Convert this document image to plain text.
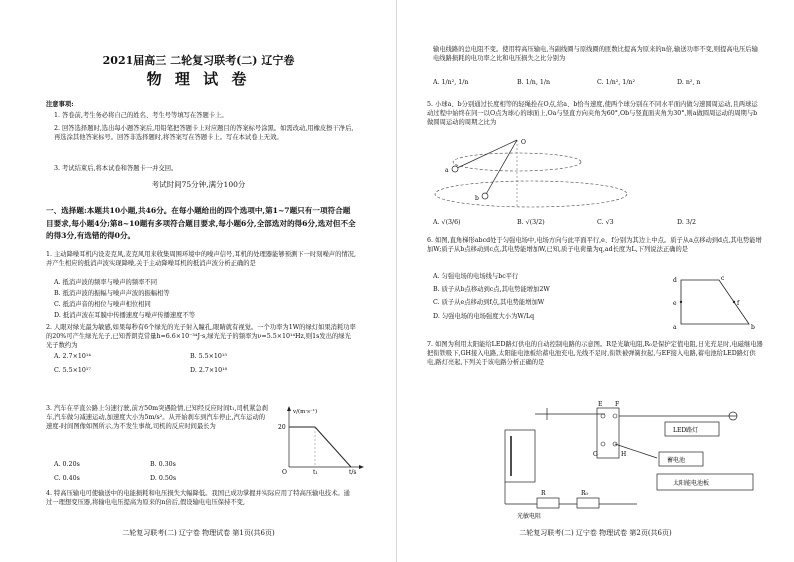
2021届高三 二轮复习联考(二) 辽宁卷
物 理 试 卷
注意事项:
1. 答卷前,考生务必将自己的姓名、考生号等填写在答题卡上。
2. 回答选择题时,选出每小题答案后,用铅笔把答题卡上对应题目的答案标号涂黑。如需改动,用橡皮擦干净后,再选涂其他答案标号。回答非选择题时,将答案写在答题卡上。写在本试卷上无效。
3. 考试结束后,将本试卷和答题卡一并交回。
考试时间75分钟,满分100分
一、选择题:本题共10小题,共46分。在每小题给出的四个选项中,第1~7题只有一项符合题目要求,每小题4分;第8~10题有多项符合题目要求,每小题6分,全部选对的得6分,选对但不全的得3分,有选错的得0分。
1. 主动降噪耳机内设麦克风,麦克风用来收集周围环境中的噪声信号,耳机的处理器能够预测下一时刻噪声的情况,并产生相应的抵消声波实现降噪,关于主动降噪耳机的抵消声波分析正确的是
A. 抵消声波的频率与噪声的频率不同
B. 抵消声波的振幅与噪声声波的振幅相等
C. 抵消声音的相位与噪声相位相同
D. 抵消声波在耳膜中传播速度与噪声传播速度不等
2. 人眼对绿光最为敏感,如果每秒有6个绿光的光子射入瞳孔,眼睛就有视觉。一个功率为1W的绿灯如果消耗功率的20%可产生绿光光子,已知普朗克常量h=6.6×10⁻³⁴J·s,绿光光子的频率为ν=5.5×10¹⁴Hz,则1s发出的绿光光子数约为
A. 2.7×10¹⁴	B. 5.5×10¹⁵
C. 5.5×10¹⁷	D. 2.7×10¹⁸
3. 汽车在平直公路上匀速行驶,前方50m突遇险情,已知经反应时间t₁,司机紧急刹车,汽车做匀减速运动,加速度大小为5m/s²。从开始刹车到汽车停止,汽车运动的速度-时间图像如图所示,为不发生事故,司机的反应时间最长为
A. 0.20s	B. 0.30s
C. 0.40s	D. 0.50s
v/(m·s⁻¹)
20
O	t₁	t/s
4. 特高压输电可使输送中的电能损耗和电压损失大幅降低。我国已成功掌握并实际应用了特高压输电技术。通过一理想变压器,将输电电压提高为原来的n倍后,假设输电电压保持不变,
二轮复习联考(二) 辽宁卷 物理试卷 第1页(共6页)
输电线路的总电阻不变。使用特高压输电,当副线圈与原线圈的匝数比提高为原来的n倍,输送功率不变,则提高电压后输电线路损耗的电功率之比和电压损失之比分别为
A. 1/n², 1/n	B. 1/n, 1/n	C. 1/n², 1/n²	D. n², n
5. 小球a、b分别通过长度相等的轻绳拴在O点,给a、b恰当速度,使两个球分别在不同水平面内做匀速圆周运动,且两球运动过程中始终在同一以O点为球心的球面上,Oa与竖直方向夹角为60°,Ob与竖直面夹角为30°,则a做圆周运动的周期与b做圆周运动的周期之比为
O
a
b
A. √(3/6)	B. √(3/2)	C. √3	D. 3/2
6. 如图,直角梯形abcd处于匀强电场中,电场方向与此平面平行,e、f分别为其边上中点。质子从a点移动到d点,其电势能增加W;质子从b点移动到c点,其电势能增加W,已知,质子电荷量为q,ad长度为L,下列说法正确的是
A. 匀强电场的电场线与bc平行
B. 质子从b点移动到c点,其电势能增加2W
C. 质子从e点移动到f点,其电势能增加W
D. 匀强电场的电场强度大小为W/Lq
d	c
a	b
e	f
7. 如图为利用太阳能给LED路灯供电的自动控制电路的示意图。R是光敏电阻,R₀是保护定值电阻,日光充足时,电磁继电器把衔铁吸下,GH接入电路,太阳能电池板给蓄电池充电,光线不足时,衔铁被弹簧拉起,与EF接入电路,蓄电池给LED路灯供电,路灯亮起,下列关于该电路分析正确的是
E F
G	H
LED路灯
蓄电池
太阳能电池板
R	R₀
光敏电阻
二轮复习联考(二) 辽宁卷 物理试卷 第2页(共6页)
